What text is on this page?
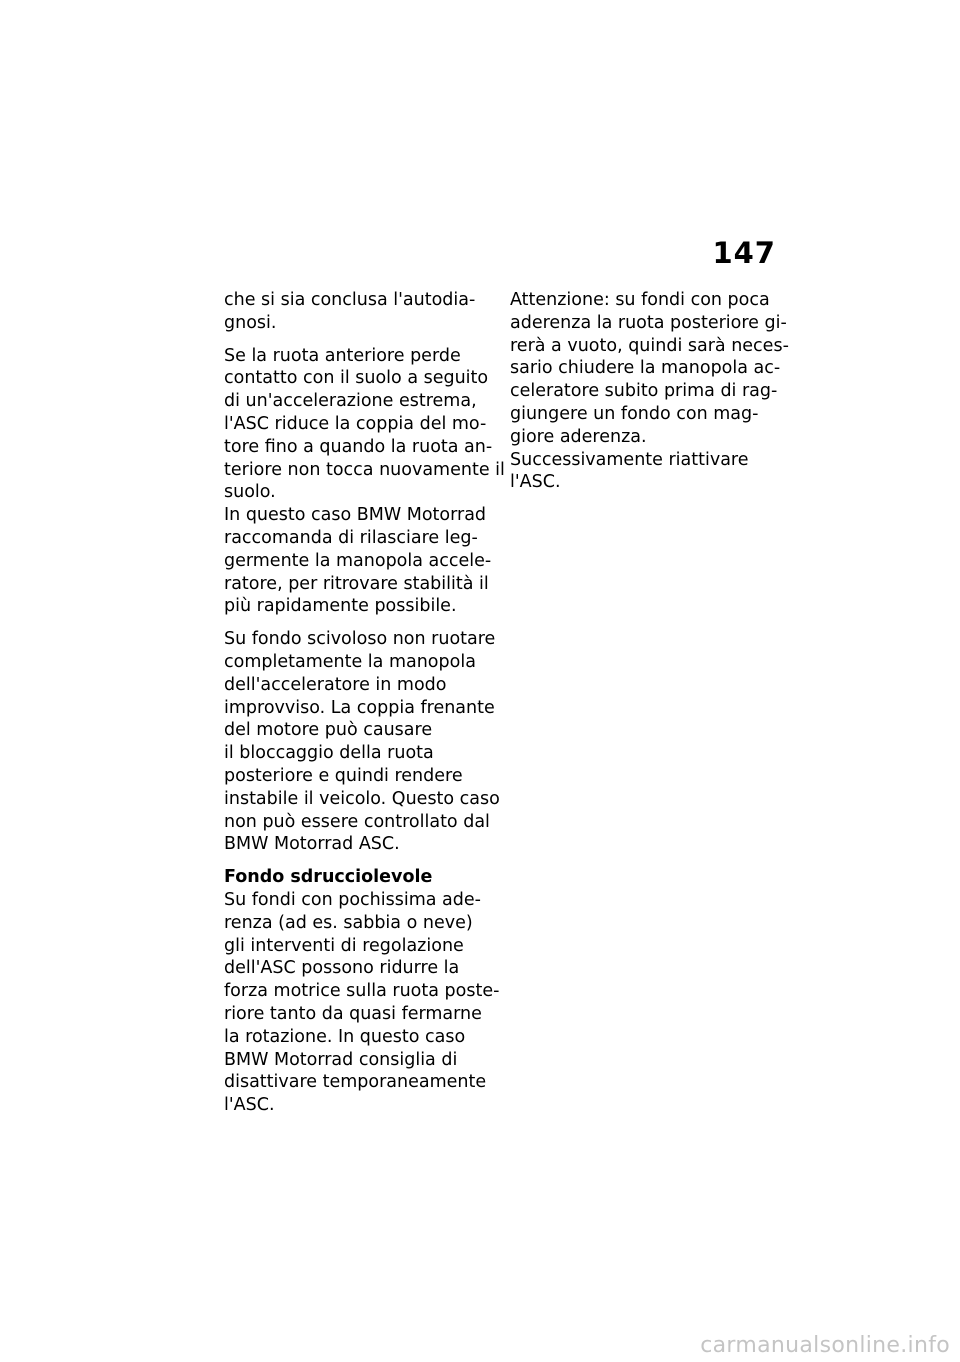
147
che si sia conclusa l'autodia-
gnosi.
Se la ruota anteriore perde
contatto con il suolo a seguito
di un'accelerazione estrema,
l'ASC riduce la coppia del mo-
tore fino a quando la ruota an-
teriore non tocca nuovamente il
suolo.
In questo caso BMW Motorrad
raccomanda di rilasciare leg-
germente la manopola accele-
ratore, per ritrovare stabilità il
più rapidamente possibile.
Su fondo scivoloso non ruotare
completamente la manopola
dell'acceleratore in modo
improvviso. La coppia frenante
del motore può causare
il bloccaggio della ruota
posteriore e quindi rendere
instabile il veicolo. Questo caso
non può essere controllato dal
BMW Motorrad ASC.
Fondo sdrucciolevole
Su fondi con pochissima ade-
renza (ad es. sabbia o neve)
gli interventi di regolazione
dell'ASC possono ridurre la
forza motrice sulla ruota poste-
riore tanto da quasi fermarne
la rotazione. In questo caso
BMW Motorrad consiglia di
disattivare temporaneamente
l'ASC.
Attenzione: su fondi con poca
aderenza la ruota posteriore gi-
rerà a vuoto, quindi sarà neces-
sario chiudere la manopola ac-
celeratore subito prima di rag-
giungere un fondo con mag-
giore aderenza.
Successivamente riattivare
l'ASC.
carmanualsonline.info
